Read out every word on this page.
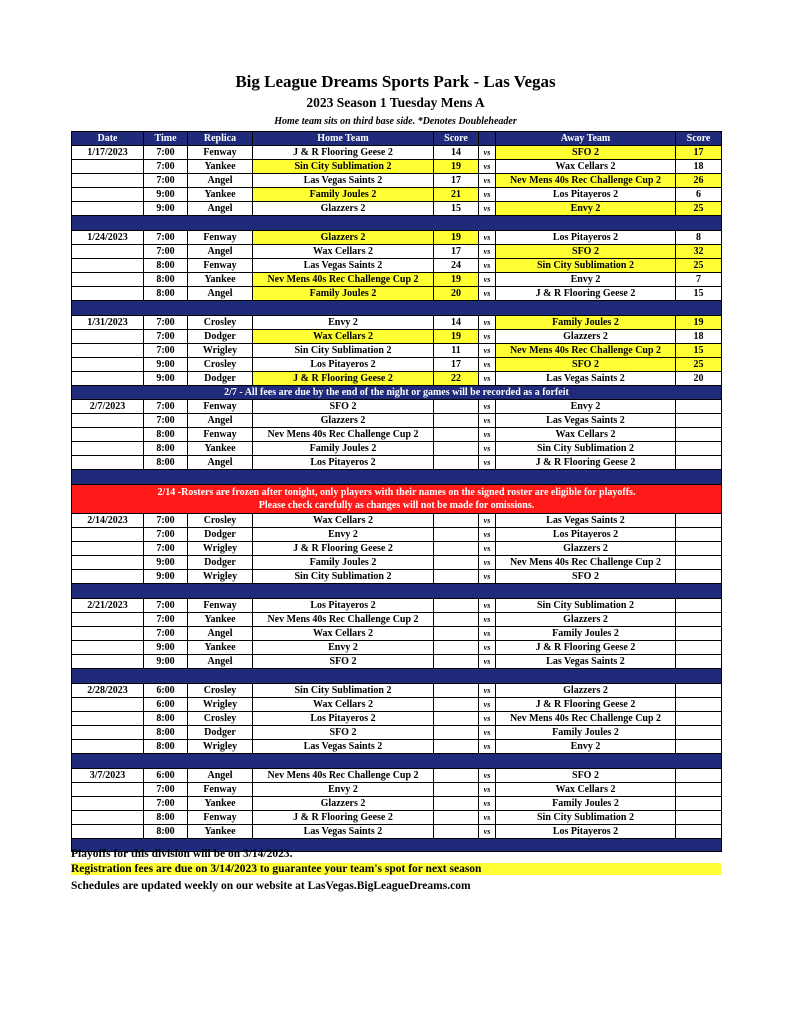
Big League Dreams Sports Park - Las Vegas
2023 Season 1 Tuesday Mens A
Home team sits on third base side. *Denotes Doubleheader
Date	Time	Replica	Home Team	Score		Away Team	Score
1/17/2023	7:00	Fenway	J & R Flooring Geese 2	14	vs	SFO 2	17
	7:00	Yankee	Sin City Sublimation 2	19	vs	Wax Cellars 2	18
	7:00	Angel	Las Vegas Saints 2	17	vs	Nev Mens 40s Rec Challenge Cup 2	26
	9:00	Yankee	Family Joules 2	21	vs	Los Pitayeros 2	6
	9:00	Angel	Glazzers 2	15	vs	Envy 2	25

1/24/2023	7:00	Fenway	Glazzers 2	19	vs	Los Pitayeros 2	8
	7:00	Angel	Wax Cellars 2	17	vs	SFO 2	32
	8:00	Fenway	Las Vegas Saints 2	24	vs	Sin City Sublimation 2	25
	8:00	Yankee	Nev Mens 40s Rec Challenge Cup 2	19	vs	Envy 2	7
	8:00	Angel	Family Joules 2	20	vs	J & R Flooring Geese 2	15

1/31/2023	7:00	Crosley	Envy 2	14	vs	Family Joules 2	19
	7:00	Dodger	Wax Cellars 2	19	vs	Glazzers 2	18
	7:00	Wrigley	Sin City Sublimation 2	11	vs	Nev Mens 40s Rec Challenge Cup 2	15
	9:00	Crosley	Los Pitayeros 2	17	vs	SFO 2	25
	9:00	Dodger	J & R Flooring Geese 2	22	vs	Las Vegas Saints 2	20
2/7 - All fees are due by the end of the night or games will be recorded as a forfeit							
2/7/2023	7:00	Fenway	SFO 2		vs	Envy 2	
	7:00	Angel	Glazzers 2		vs	Las Vegas Saints 2	
	8:00	Fenway	Nev Mens 40s Rec Challenge Cup 2		vs	Wax Cellars 2	
	8:00	Yankee	Family Joules 2		vs	Sin City Sublimation 2	
	8:00	Angel	Los Pitayeros 2		vs	J & R Flooring Geese 2	

2/14 -Rosters are frozen after tonight, only players with their names on the signed roster are eligible for playoffs.
Please check carefully as changes will not be made for omissions.							

2/14/2023	7:00	Crosley	Wax Cellars 2		vs	Las Vegas Saints 2	
	7:00	Dodger	Envy 2		vs	Los Pitayeros 2	
	7:00	Wrigley	J & R Flooring Geese 2		vs	Glazzers 2	
	9:00	Dodger	Family Joules 2		vs	Nev Mens 40s Rec Challenge Cup 2	
	9:00	Wrigley	Sin City Sublimation 2		vs	SFO 2	

2/21/2023	7:00	Fenway	Los Pitayeros 2		vs	Sin City Sublimation 2	
	7:00	Yankee	Nev Mens 40s Rec Challenge Cup 2		vs	Glazzers 2	
	7:00	Angel	Wax Cellars 2		vs	Family Joules 2	
	9:00	Yankee	Envy 2		vs	J & R Flooring Geese 2	
	9:00	Angel	SFO 2		vs	Las Vegas Saints 2	

2/28/2023	6:00	Crosley	Sin City Sublimation 2		vs	Glazzers 2	
	6:00	Wrigley	Wax Cellars 2		vs	J & R Flooring Geese 2	
	8:00	Crosley	Los Pitayeros 2		vs	Nev Mens 40s Rec Challenge Cup 2	
	8:00	Dodger	SFO 2		vs	Family Joules 2	
	8:00	Wrigley	Las Vegas Saints 2		vs	Envy 2	

3/7/2023	6:00	Angel	Nev Mens 40s Rec Challenge Cup 2		vs	SFO 2	
	7:00	Fenway	Envy 2		vs	Wax Cellars 2	
	7:00	Yankee	Glazzers 2		vs	Family Joules 2	
	8:00	Fenway	J & R Flooring Geese 2		vs	Sin City Sublimation 2	
	8:00	Yankee	Las Vegas Saints 2		vs	Los Pitayeros 2	

Playoffs for this division will be on 3/14/2023.
Registration fees are due on 3/14/2023 to guarantee your team's spot for next season
Schedules are updated weekly on our website at LasVegas.BigLeagueDreams.com
